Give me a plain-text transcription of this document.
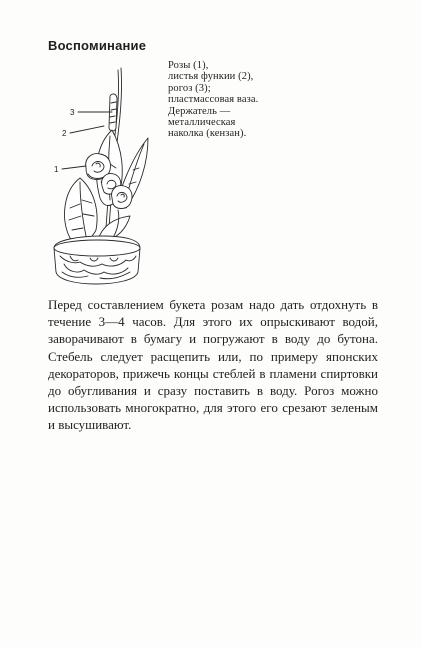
Воспоминание
3
2
1
Розы (1),
листья функии (2),
рогоз (3);
пластмассовая ваза.
Держатель —
металлическая
наколка (кензан).

Перед составлением букета розам надо дать отдохнуть в течение 3—4 часов. Для этого их опрыскивают водой, заворачивают в бумагу и погружают в воду до бутона. Стебель следует расщепить или, по примеру японских декораторов, прижечь концы стеблей в пламени спиртовки до обугливания и сразу поставить в воду. Рогоз можно использовать многократно, для этого его срезают зеленым и высушивают.
